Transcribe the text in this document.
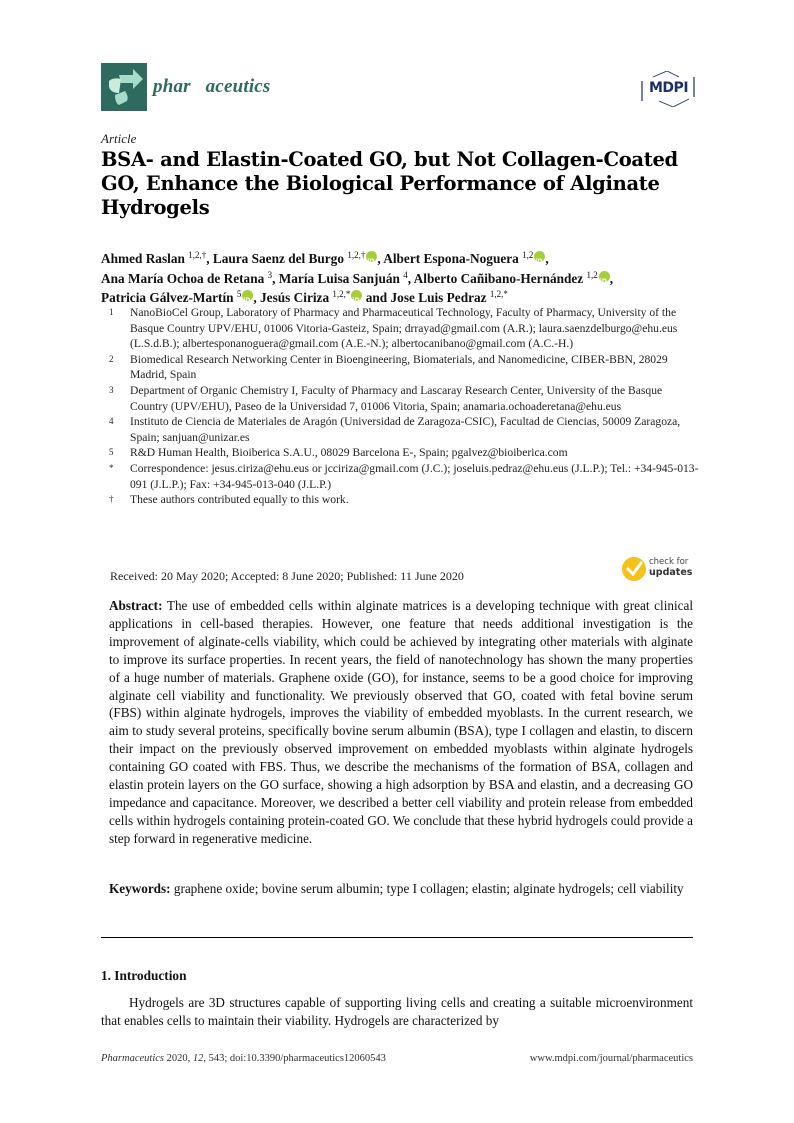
phar   aceutics	MDPI
Article
BSA- and Elastin-Coated GO, but Not Collagen-Coated GO, Enhance the Biological Performance of Alginate Hydrogels
Ahmed Raslan $^{1,2,\dagger}$, Laura Saenz del Burgo $^{1,2,\dagger}$ iD , Albert Espona-Noguera $^{1,2}$ iD ,
Ana María Ochoa de Retana $^3$, María Luisa Sanjuán $^4$, Alberto Cañibano-Hernández $^{1,2}$ iD ,
Patricia Gálvez-Martín $^5$ iD , Jesús Ciriza $^{1,2,*}$iD and Jose Luis Pedraz $^{1,2,*}$
1	NanoBioCel Group, Laboratory of Pharmacy and Pharmaceutical Technology, Faculty of Pharmacy, University of the Basque Country UPV/EHU, 01006 Vitoria-Gasteiz, Spain; drrayad@gmail.com (A.R.); laura.saenzdelburgo@ehu.eus (L.S.d.B.); albertesponanoguera@gmail.com (A.E.-N.); albertocanibano@gmail.com (A.C.-H.)
2	Biomedical Research Networking Center in Bioengineering, Biomaterials, and Nanomedicine, CIBER-BBN, 28029 Madrid, Spain
3	Department of Organic Chemistry I, Faculty of Pharmacy and Lascaray Research Center, University of the Basque Country (UPV/EHU), Paseo de la Universidad 7, 01006 Vitoria, Spain; anamaria.ochoaderetana@ehu.eus
4	Instituto de Ciencia de Materiales de Aragón (Universidad de Zaragoza-CSIC), Facultad de Ciencias, 50009 Zaragoza, Spain; sanjuan@unizar.es
5	R&D Human Health, Bioiberica S.A.U., 08029 Barcelona E-, Spain; pgalvez@bioiberica.com
*	Correspondence: jesus.ciriza@ehu.eus or jcciriza@gmail.com (J.C.); joseluis.pedraz@ehu.eus (J.L.P.); Tel.: +34-945-013-091 (J.L.P.); Fax: +34-945-013-040 (J.L.P.)
†	These authors contributed equally to this work.
Received: 20 May 2020; Accepted: 8 June 2020; Published: 11 June 2020
check for
updates

Abstract: The use of embedded cells within alginate matrices is a developing technique with great clinical applications in cell-based therapies. However, one feature that needs additional investigation is the improvement of alginate-cells viability, which could be achieved by integrating other materials with alginate to improve its surface properties. In recent years, the field of nanotechnology has shown the many properties of a huge number of materials. Graphene oxide (GO), for instance, seems to be a good choice for improving alginate cell viability and functionality. We previously observed that GO, coated with fetal bovine serum (FBS) within alginate hydrogels, improves the viability of embedded myoblasts. In the current research, we aim to study several proteins, specifically bovine serum albumin (BSA), type I collagen and elastin, to discern their impact on the previously observed improvement on embedded myoblasts within alginate hydrogels containing GO coated with FBS. Thus, we describe the mechanisms of the formation of BSA, collagen and elastin protein layers on the GO surface, showing a high adsorption by BSA and elastin, and a decreasing GO impedance and capacitance. Moreover, we described a better cell viability and protein release from embedded cells within hydrogels containing protein-coated GO. We conclude that these hybrid hydrogels could provide a step forward in regenerative medicine.

Keywords: graphene oxide; bovine serum albumin; type I collagen; elastin; alginate hydrogels; cell viability

1. Introduction

Hydrogels are 3D structures capable of supporting living cells and creating a suitable microenvironment that enables cells to maintain their viability. Hydrogels are characterized by

Pharmaceutics 2020, 12, 543; doi:10.3390/pharmaceutics12060543	www.mdpi.com/journal/pharmaceutics
